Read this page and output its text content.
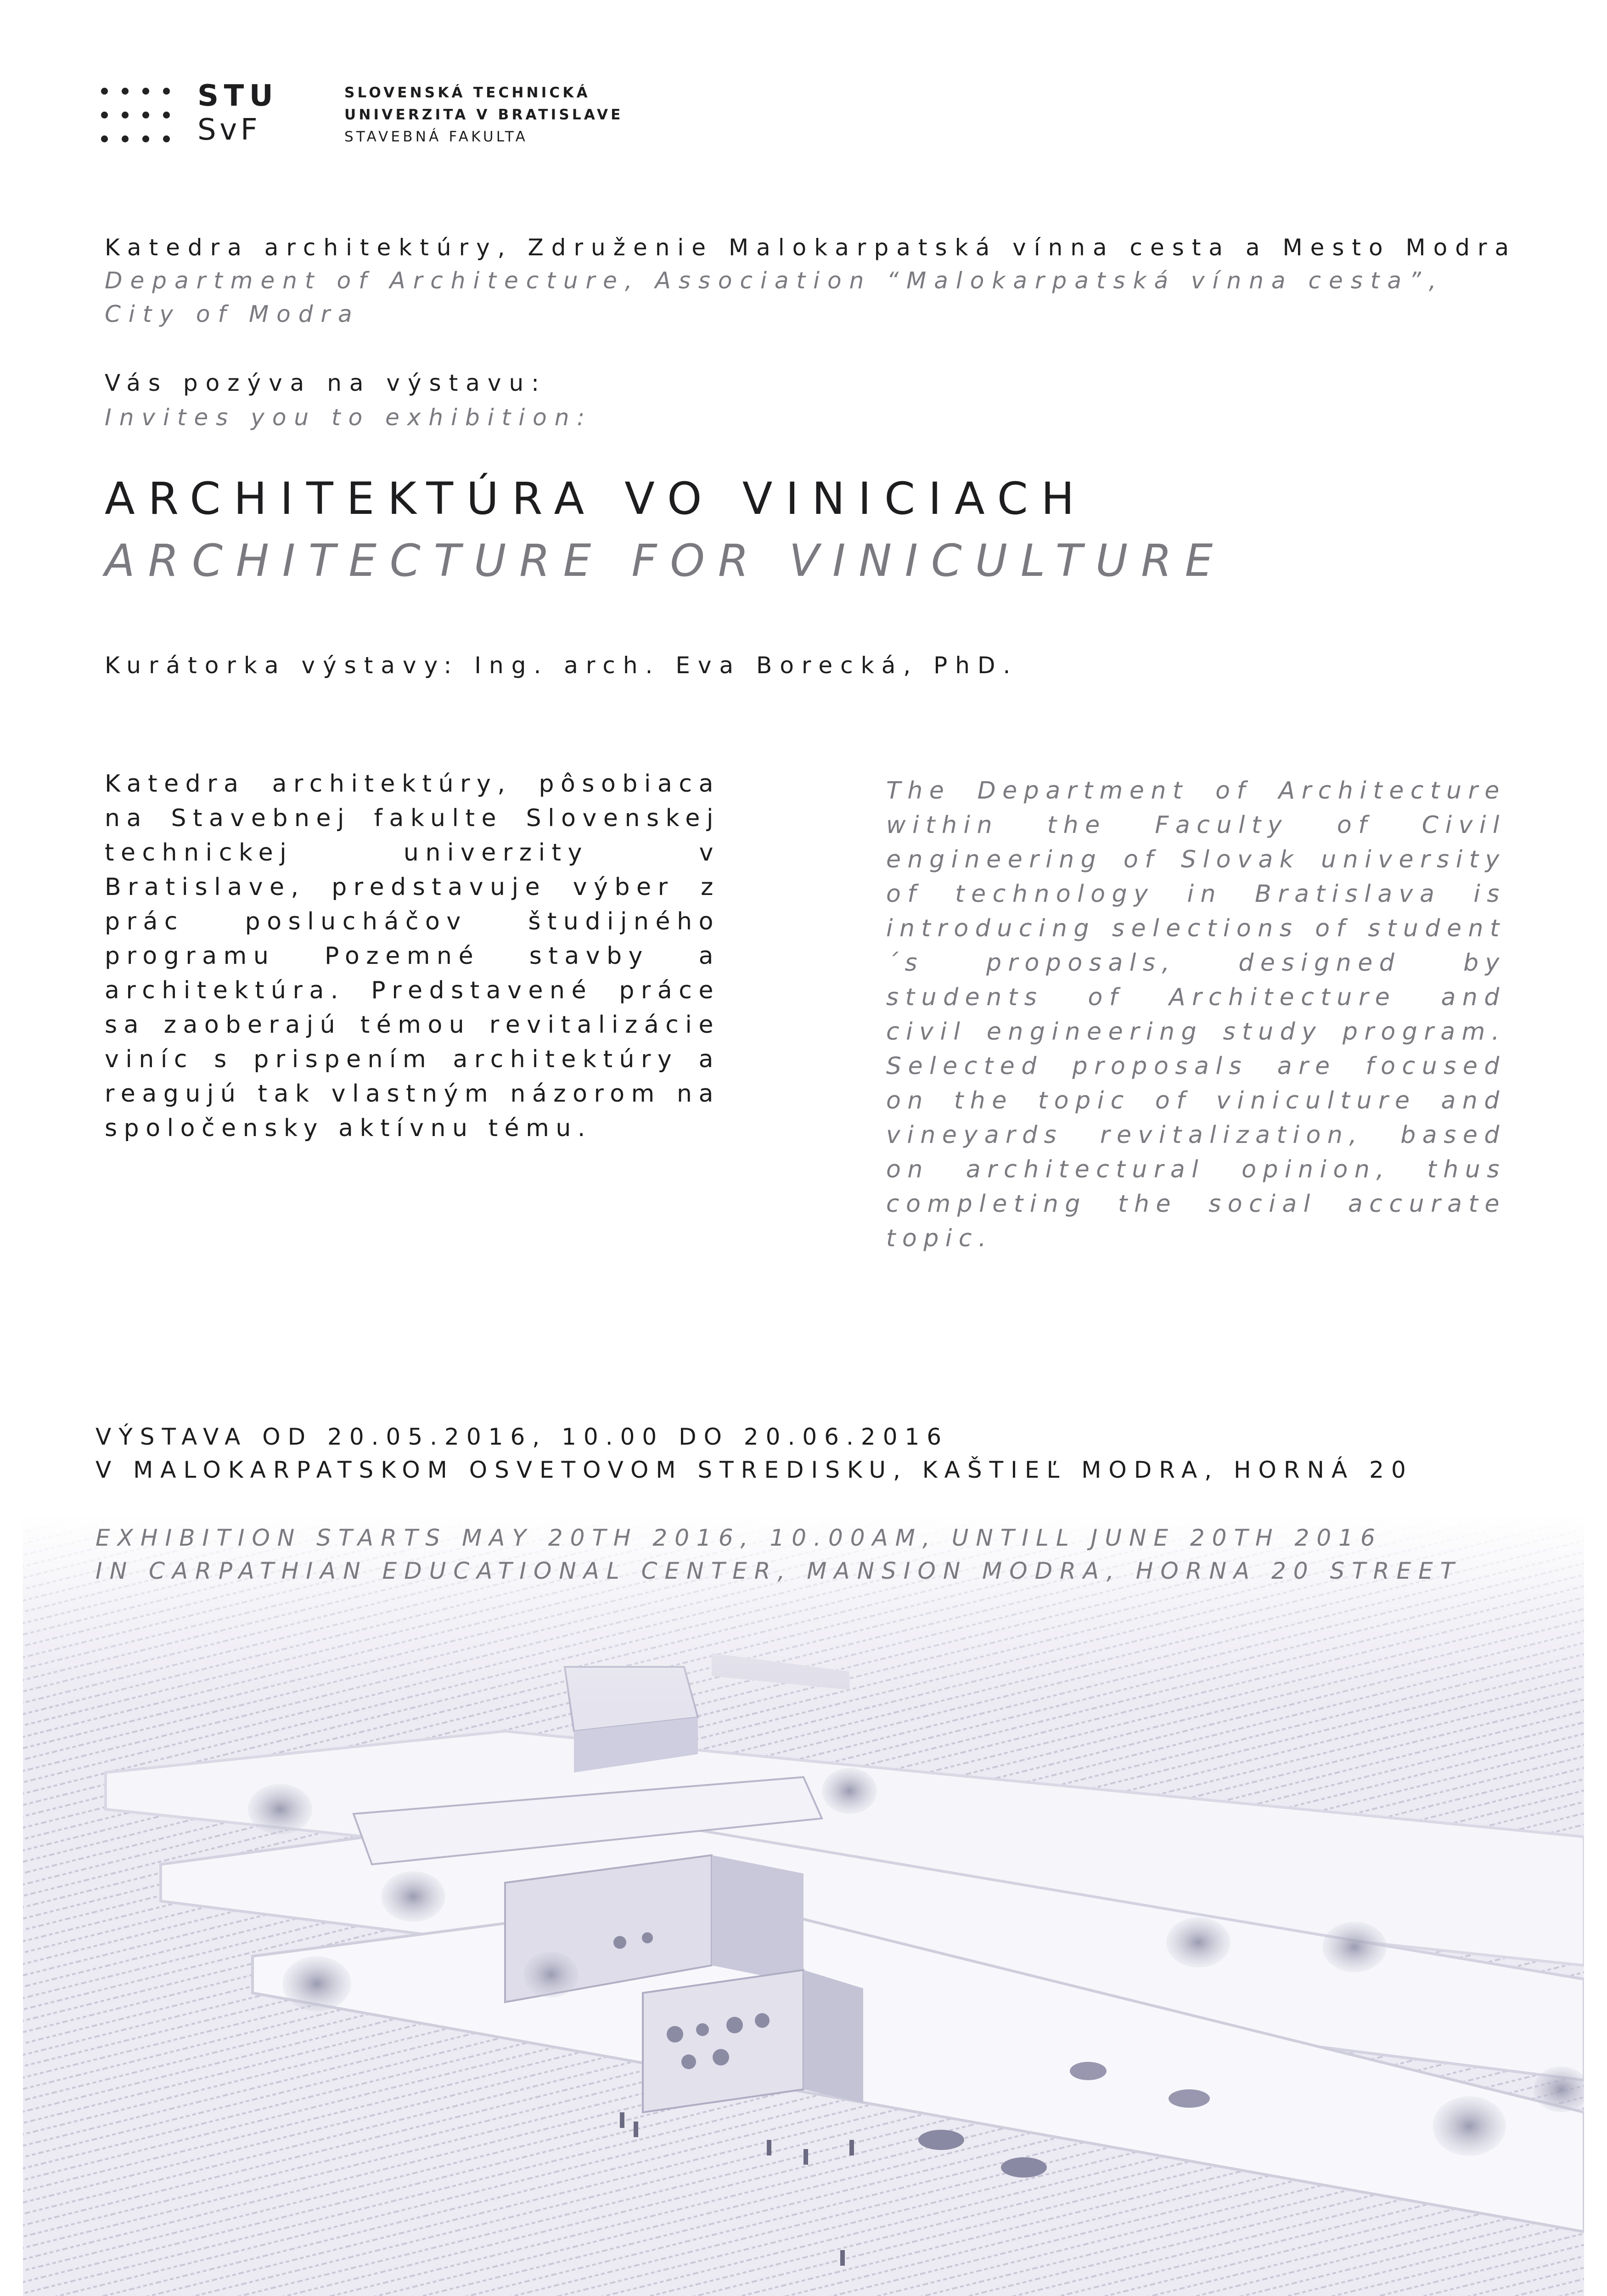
STU
SvF
SLOVENSKÁ TECHNICKÁ
UNIVERZITA V BRATISLAVE
STAVEBNÁ FAKULTA
Katedra architektúry, Združenie Malokarpatská vínna cesta a Mesto Modra
Department of Architecture, Association “Malokarpatská vínna cesta”,
City of Modra
Vás pozýva na výstavu:
Invites you to exhibition:
ARCHITEKTÚRA VO VINICIACH
ARCHITECTURE FOR VINICULTURE
Kurátorka výstavy: Ing. arch. Eva Borecká, PhD.
Katedra architektúry, pôsobiaca na Stavebnej fakulte Slovenskej technickej univerzity v Bratislave, predstavuje výber z prác poslucháčov študijného programu Pozemné stavby a architektúra. Predstavené práce sa zaoberajú témou revitalizácie viníc s prispením architektúry a reagujú tak vlastným názorom na spoločensky aktívnu tému.
The Department of Architecture within the Faculty of Civil engineering of Slovak university of technology in Bratislava is introducing selections of student´s proposals, designed by students of Architecture and civil engineering study program. Selected proposals are focused on the topic of viniculture and vineyards revitalization, based on architectural opinion, thus completing the social accurate topic.
VÝSTAVA OD 20.05.2016, 10.00 DO 20.06.2016
V MALOKARPATSKOM OSVETOVOM STREDISKU, KAŠTIEĽ MODRA, HORNÁ 20
EXHIBITION STARTS MAY 20TH 2016, 10.00AM, UNTILL JUNE 20TH 2016
IN CARPATHIAN EDUCATIONAL CENTER, MANSION MODRA, HORNA 20 STREET
